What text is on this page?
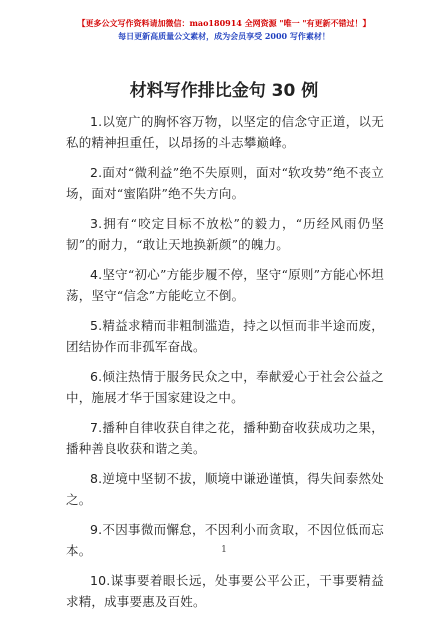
【更多公文写作资料请加微信：mao180914 全网资源 "唯一 "有更新不错过！】
每日更新高质量公文素材，成为会员享受 2000 写作素材！
材料写作排比金句 30 例
1.以宽广的胸怀容万物，以坚定的信念守正道，以无私的精神担重任，以昂扬的斗志攀巅峰。
2.面对“微利益”绝不失原则，面对“软攻势”绝不丧立场，面对“蜜陷阱”绝不失方向。
3.拥有“咬定目标不放松”的毅力，“历经风雨仍坚韧”的耐力，“敢让天地换新颜”的魄力。
4.坚守“初心”方能步履不停，坚守“原则”方能心怀坦荡，坚守“信念”方能屹立不倒。
5.精益求精而非粗制滥造，持之以恒而非半途而废，团结协作而非孤军奋战。
6.倾注热情于服务民众之中，奉献爱心于社会公益之中，施展才华于国家建设之中。
7.播种自律收获自律之花，播种勤奋收获成功之果，播种善良收获和谐之美。
8.逆境中坚韧不拔，顺境中谦逊谨慎，得失间泰然处之。
9.不因事微而懈怠，不因利小而贪取，不因位低而忘本。
10.谋事要着眼长远，处事要公平公正，干事要精益求精，成事要惠及百姓。
1
